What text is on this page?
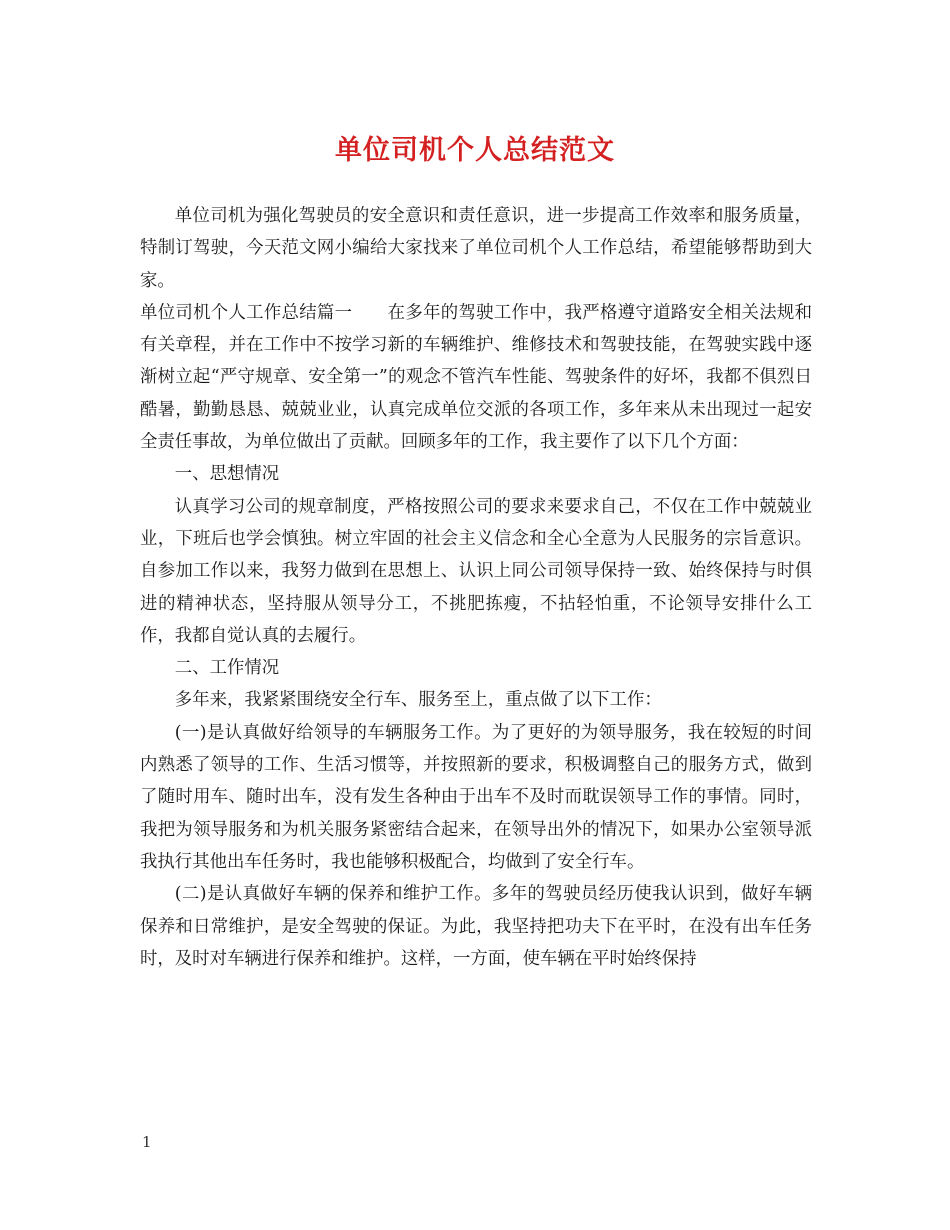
单位司机个人总结范文

单位司机为强化驾驶员的安全意识和责任意识，进一步提高工作效率和服务质量，特制订驾驶，今天范文网小编给大家找来了单位司机个人工作总结，希望能够帮助到大家。

单位司机个人工作总结篇一　　在多年的驾驶工作中，我严格遵守道路安全相关法规和有关章程，并在工作中不按学习新的车辆维护、维修技术和驾驶技能，在驾驶实践中逐渐树立起“严守规章、安全第一”的观念不管汽车性能、驾驶条件的好坏，我都不俱烈日酷暑，勤勤恳恳、兢兢业业，认真完成单位交派的各项工作，多年来从未出现过一起安全责任事故，为单位做出了贡献。回顾多年的工作，我主要作了以下几个方面：

一、思想情况

认真学习公司的规章制度，严格按照公司的要求来要求自己，不仅在工作中兢兢业业，下班后也学会慎独。树立牢固的社会主义信念和全心全意为人民服务的宗旨意识。自参加工作以来，我努力做到在思想上、认识上同公司领导保持一致、始终保持与时俱进的精神状态，坚持服从领导分工，不挑肥拣瘦，不拈轻怕重，不论领导安排什么工作，我都自觉认真的去履行。

二、工作情况

多年来，我紧紧围绕安全行车、服务至上，重点做了以下工作：

(一)是认真做好给领导的车辆服务工作。为了更好的为领导服务，我在较短的时间内熟悉了领导的工作、生活习惯等，并按照新的要求，积极调整自己的服务方式，做到了随时用车、随时出车，没有发生各种由于出车不及时而耽误领导工作的事情。同时，我把为领导服务和为机关服务紧密结合起来，在领导出外的情况下，如果办公室领导派我执行其他出车任务时，我也能够积极配合，均做到了安全行车。

(二)是认真做好车辆的保养和维护工作。多年的驾驶员经历使我认识到，做好车辆保养和日常维护，是安全驾驶的保证。为此，我坚持把功夫下在平时，在没有出车任务时，及时对车辆进行保养和维护。这样，一方面，使车辆在平时始终保持

1
